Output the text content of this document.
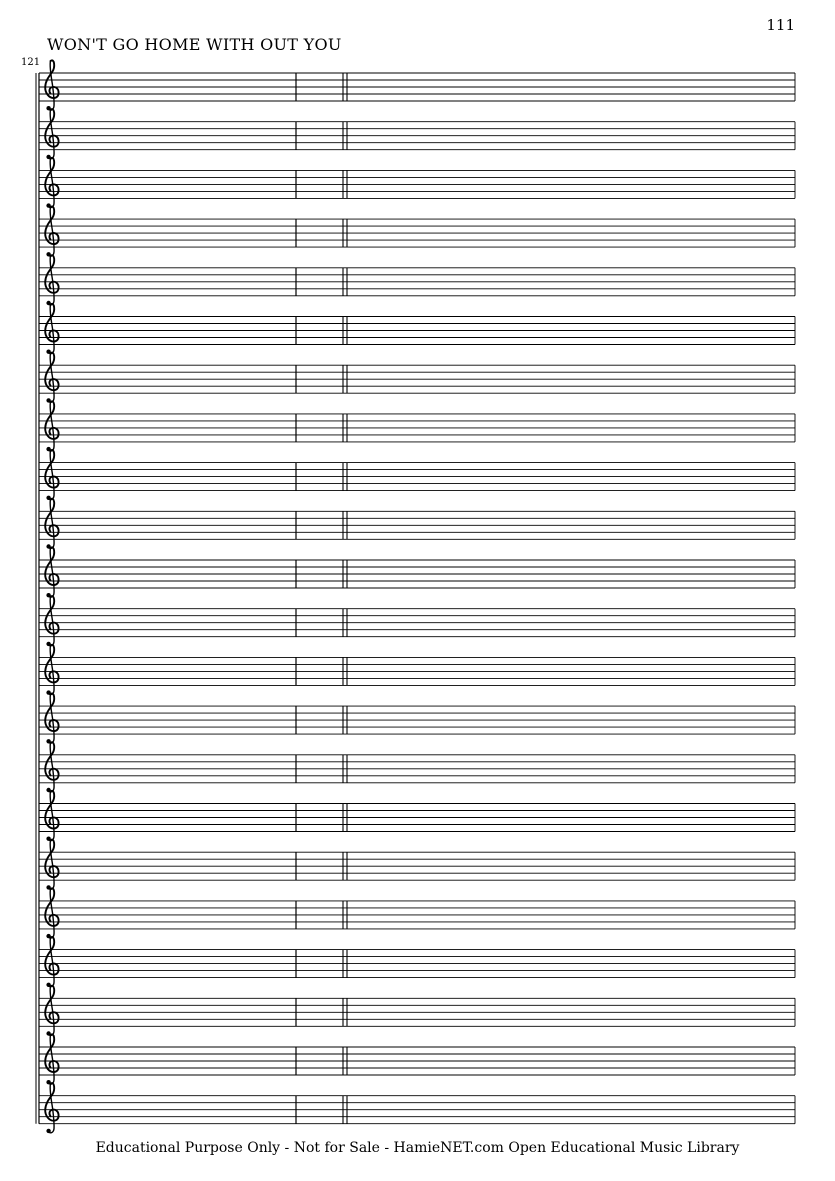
111
WON'T GO HOME WITH OUT YOU
121
Educational Purpose Only - Not for Sale - HamieNET.com Open Educational Music Library
